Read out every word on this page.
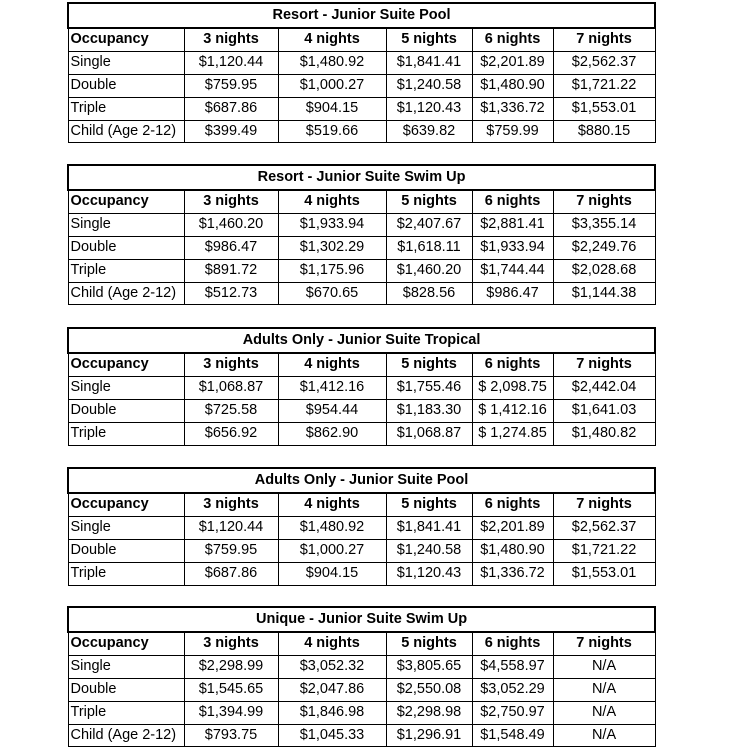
Resort - Junior Suite Pool					
Occupancy	3 nights	4 nights	5 nights	6 nights	7 nights
Single	$1,120.44	$1,480.92	$1,841.41	$2,201.89	$2,562.37
Double	$759.95	$1,000.27	$1,240.58	$1,480.90	$1,721.22
Triple	$687.86	$904.15	$1,120.43	$1,336.72	$1,553.01
Child (Age 2-12)	$399.49	$519.66	$639.82	$759.99	$880.15
Resort - Junior Suite Swim Up					
Occupancy	3 nights	4 nights	5 nights	6 nights	7 nights
Single	$1,460.20	$1,933.94	$2,407.67	$2,881.41	$3,355.14
Double	$986.47	$1,302.29	$1,618.11	$1,933.94	$2,249.76
Triple	$891.72	$1,175.96	$1,460.20	$1,744.44	$2,028.68
Child (Age 2-12)	$512.73	$670.65	$828.56	$986.47	$1,144.38
Adults Only - Junior Suite Tropical					
Occupancy	3 nights	4 nights	5 nights	6 nights	7 nights
Single	$1,068.87	$1,412.16	$1,755.46	$ 2,098.75	$2,442.04
Double	$725.58	$954.44	$1,183.30	$ 1,412.16	$1,641.03
Triple	$656.92	$862.90	$1,068.87	$ 1,274.85	$1,480.82
Adults Only - Junior Suite Pool					
Occupancy	3 nights	4 nights	5 nights	6 nights	7 nights
Single	$1,120.44	$1,480.92	$1,841.41	$2,201.89	$2,562.37
Double	$759.95	$1,000.27	$1,240.58	$1,480.90	$1,721.22
Triple	$687.86	$904.15	$1,120.43	$1,336.72	$1,553.01
Unique - Junior Suite Swim Up					
Occupancy	3 nights	4 nights	5 nights	6 nights	7 nights
Single	$2,298.99	$3,052.32	$3,805.65	$4,558.97	N/A
Double	$1,545.65	$2,047.86	$2,550.08	$3,052.29	N/A
Triple	$1,394.99	$1,846.98	$2,298.98	$2,750.97	N/A
Child (Age 2-12)	$793.75	$1,045.33	$1,296.91	$1,548.49	N/A
